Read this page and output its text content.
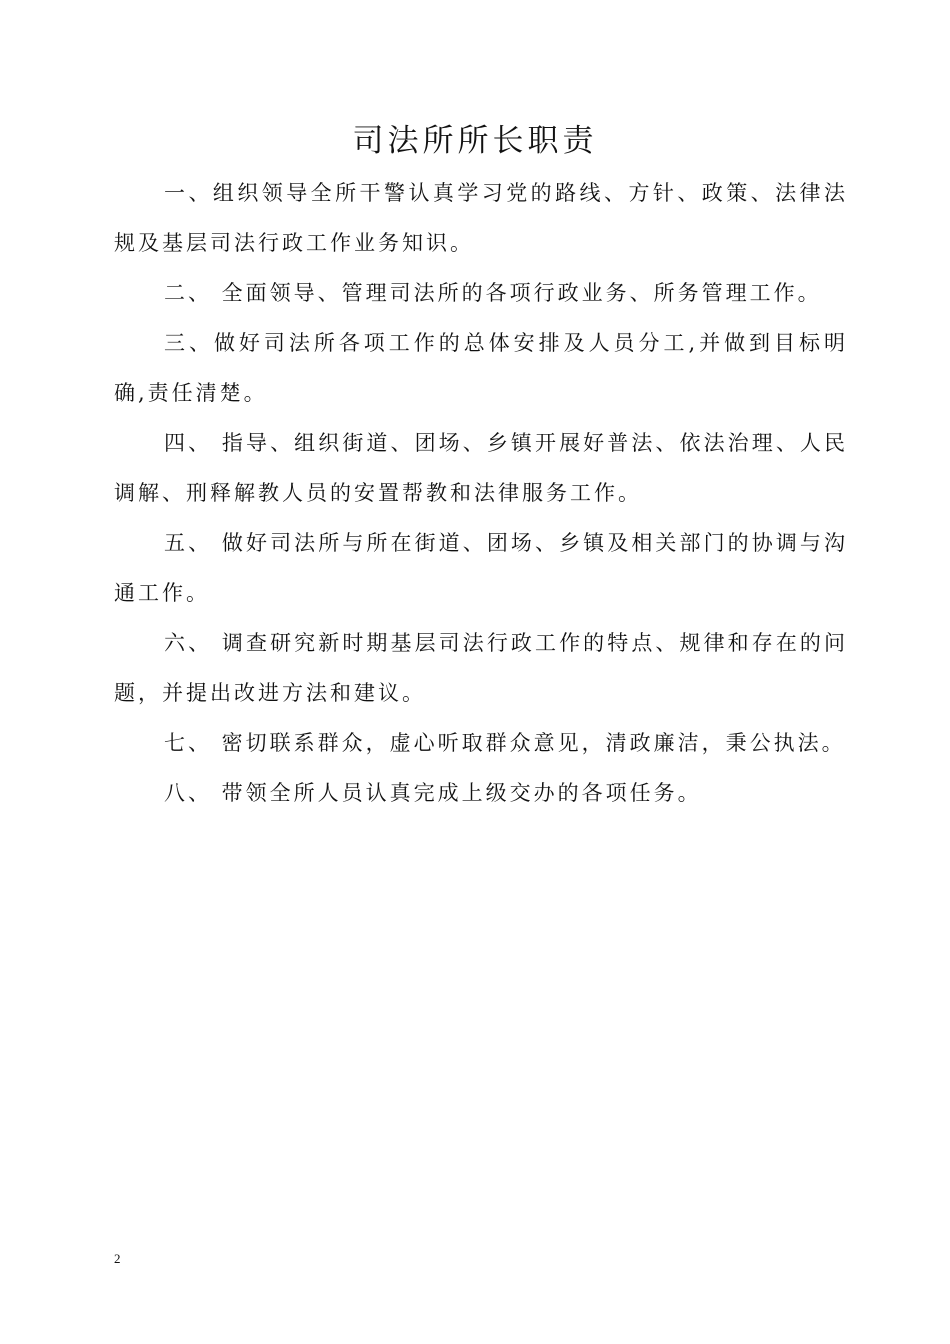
司法所所长职责

一、组织领导全所干警认真学习党的路线、方针、政策、法律法规及基层司法行政工作业务知识。

二、 全面领导、管理司法所的各项行政业务、所务管理工作。

三、做好司法所各项工作的总体安排及人员分工,并做到目标明确,责任清楚。

四、 指导、组织街道、团场、乡镇开展好普法、依法治理、人民调解、刑释解教人员的安置帮教和法律服务工作。

五、 做好司法所与所在街道、团场、乡镇及相关部门的协调与沟通工作。

六、 调查研究新时期基层司法行政工作的特点、规律和存在的问题，并提出改进方法和建议。

七、 密切联系群众，虚心听取群众意见，清政廉洁，秉公执法。

八、 带领全所人员认真完成上级交办的各项任务。

2
